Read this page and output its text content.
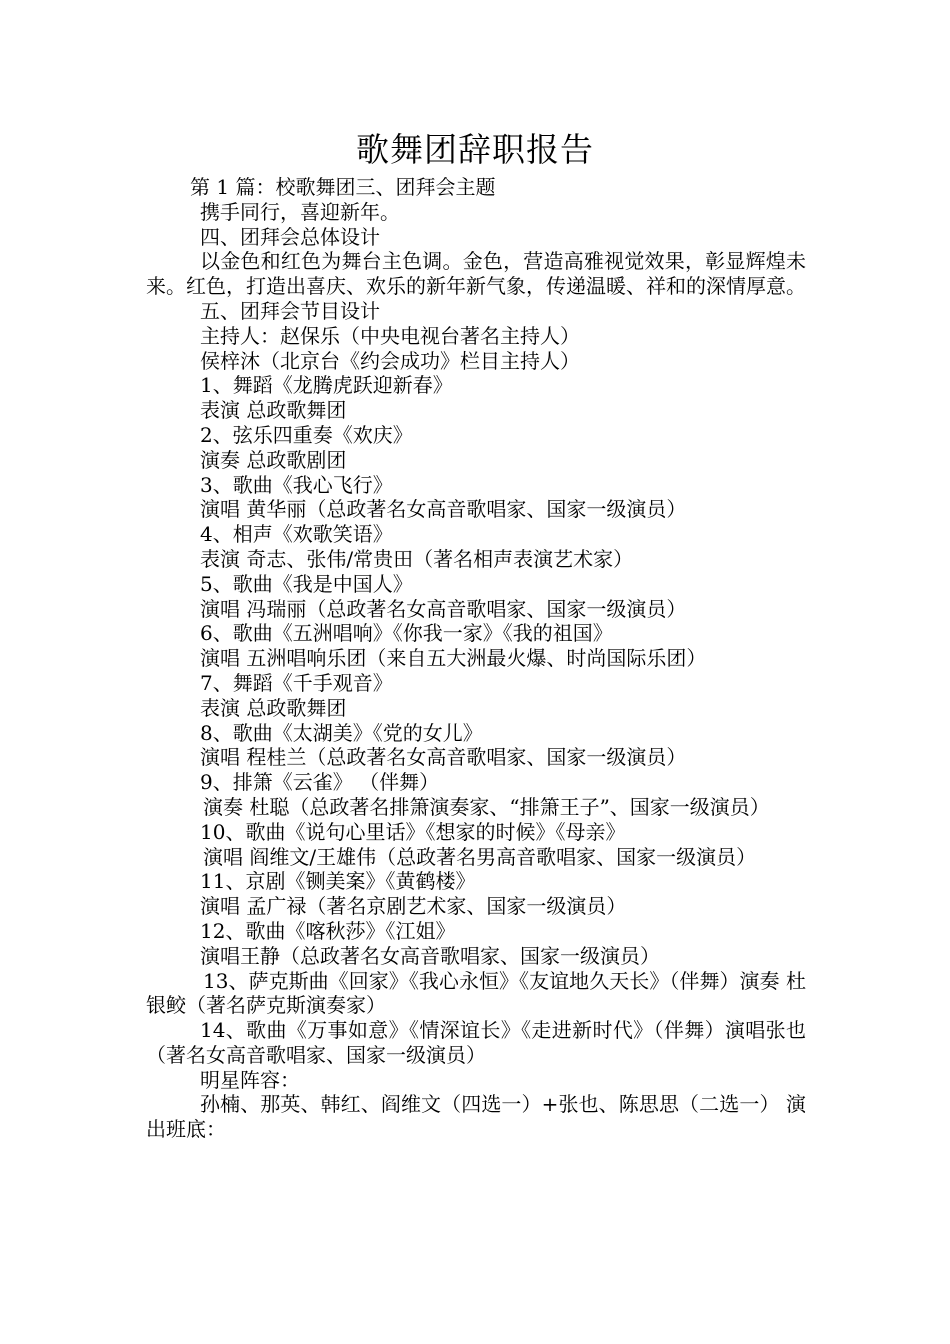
歌舞团辞职报告

第 1 篇：校歌舞团三、团拜会主题

携手同行，喜迎新年。

四、团拜会总体设计

以金色和红色为舞台主色调。金色，营造高雅视觉效果，彰显辉煌未来。红色，打造出喜庆、欢乐的新年新气象，传递温暖、祥和的深情厚意。

五、团拜会节目设计

主持人：赵保乐（中央电视台著名主持人）

侯梓沐（北京台《约会成功》栏目主持人）

1、舞蹈《龙腾虎跃迎新春》

表演 总政歌舞团

2、弦乐四重奏《欢庆》

演奏 总政歌剧团

3、歌曲《我心飞行》

演唱 黄华丽（总政著名女高音歌唱家、国家一级演员）

4、相声《欢歌笑语》

表演 奇志、张伟/常贵田（著名相声表演艺术家）

5、歌曲《我是中国人》

演唱 冯瑞丽（总政著名女高音歌唱家、国家一级演员）

6、歌曲《五洲唱响》《你我一家》《我的祖国》

演唱 五洲唱响乐团（来自五大洲最火爆、时尚国际乐团）

7、舞蹈《千手观音》

表演 总政歌舞团

8、歌曲《太湖美》《党的女儿》

演唱 程桂兰（总政著名女高音歌唱家、国家一级演员）

9、排箫《云雀》 （伴舞）

演奏 杜聪（总政著名排箫演奏家、“排箫王子”、国家一级演员）

10、歌曲《说句心里话》《想家的时候》《母亲》

演唱 阎维文/王雄伟（总政著名男高音歌唱家、国家一级演员）

11、京剧《铡美案》《黄鹤楼》

演唱 孟广禄（著名京剧艺术家、国家一级演员）

12、歌曲《喀秋莎》《江姐》

演唱王静（总政著名女高音歌唱家、国家一级演员）

13、萨克斯曲《回家》《我心永恒》《友谊地久天长》（伴舞）演奏 杜银鲛（著名萨克斯演奏家）

14、歌曲《万事如意》《情深谊长》《走进新时代》（伴舞）演唱张也（著名女高音歌唱家、国家一级演员）

明星阵容：

孙楠、那英、韩红、阎维文（四选一）+张也、陈思思（二选一） 演出班底：
